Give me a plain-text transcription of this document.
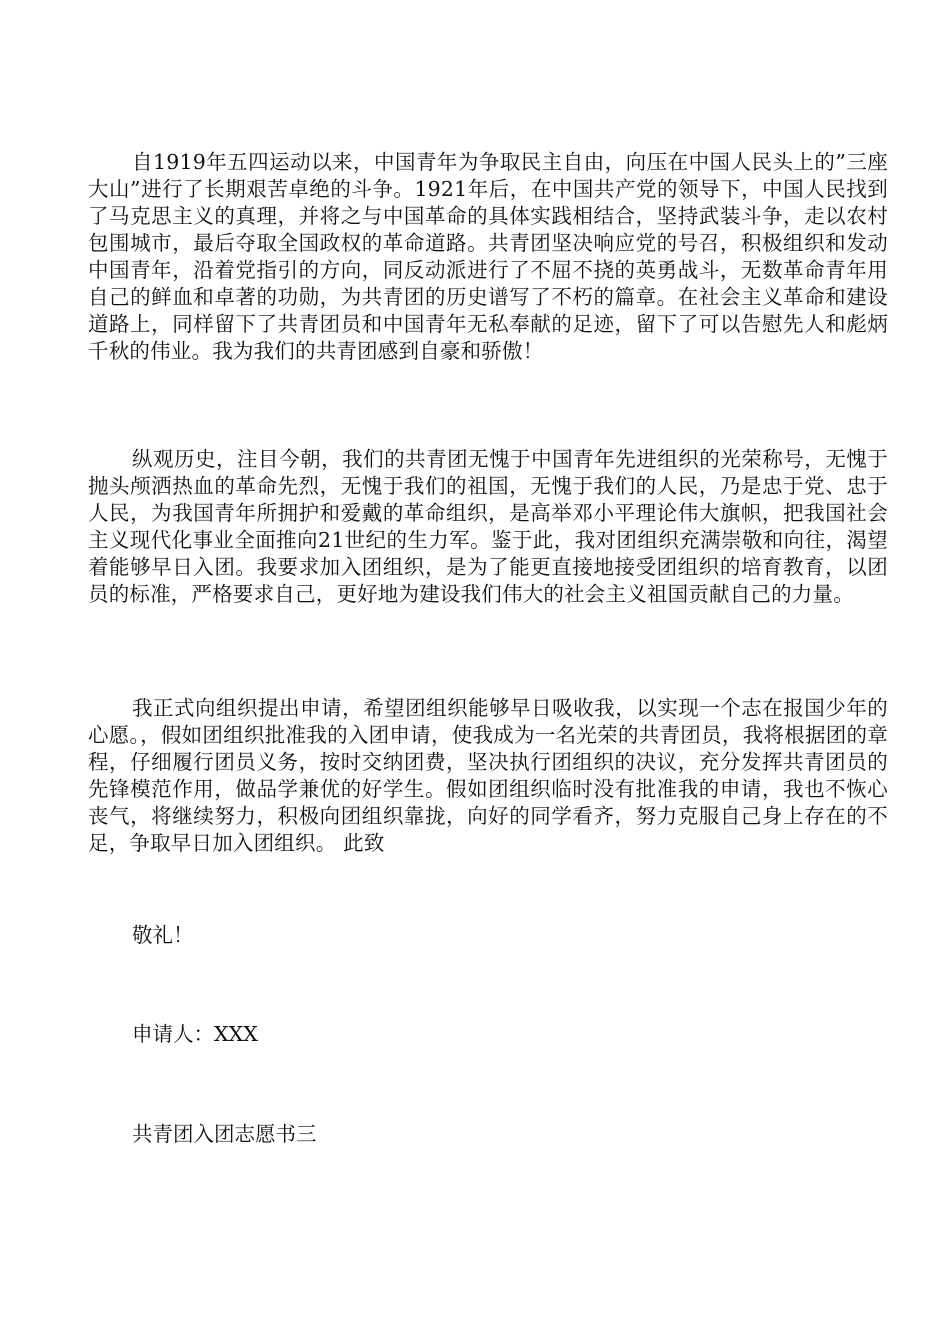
自1919年五四运动以来，中国青年为争取民主自由，向压在中国人民头上的”三座大山”进行了长期艰苦卓绝的斗争。1921年后，在中国共产党的领导下，中国人民找到了马克思主义的真理，并将之与中国革命的具体实践相结合，坚持武装斗争，走以农村包围城市，最后夺取全国政权的革命道路。共青团坚决响应党的号召，积极组织和发动中国青年，沿着党指引的方向，同反动派进行了不屈不挠的英勇战斗，无数革命青年用自己的鲜血和卓著的功勋，为共青团的历史谱写了不朽的篇章。在社会主义革命和建设道路上，同样留下了共青团员和中国青年无私奉献的足迹，留下了可以告慰先人和彪炳千秋的伟业。我为我们的共青团感到自豪和骄傲！

纵观历史，注目今朝，我们的共青团无愧于中国青年先进组织的光荣称号，无愧于抛头颅洒热血的革命先烈，无愧于我们的祖国，无愧于我们的人民，乃是忠于党、忠于人民，为我国青年所拥护和爱戴的革命组织，是高举邓小平理论伟大旗帜，把我国社会主义现代化事业全面推向21世纪的生力军。鉴于此，我对团组织充满崇敬和向往，渴望着能够早日入团。我要求加入团组织，是为了能更直接地接受团组织的培育教育，以团员的标准，严格要求自己，更好地为建设我们伟大的社会主义祖国贡献自己的力量。

我正式向组织提出申请，希望团组织能够早日吸收我，以实现一个志在报国少年的心愿。，假如团组织批准我的入团申请，使我成为一名光荣的共青团员，我将根据团的章程，仔细履行团员义务，按时交纳团费，坚决执行团组织的决议，充分发挥共青团员的先锋模范作用，做品学兼优的好学生。假如团组织临时没有批准我的申请，我也不恢心丧气，将继续努力，积极向团组织靠拢，向好的同学看齐，努力克服自己身上存在的不足，争取早日加入团组织。 此致

敬礼！

申请人：XXX

共青团入团志愿书三
